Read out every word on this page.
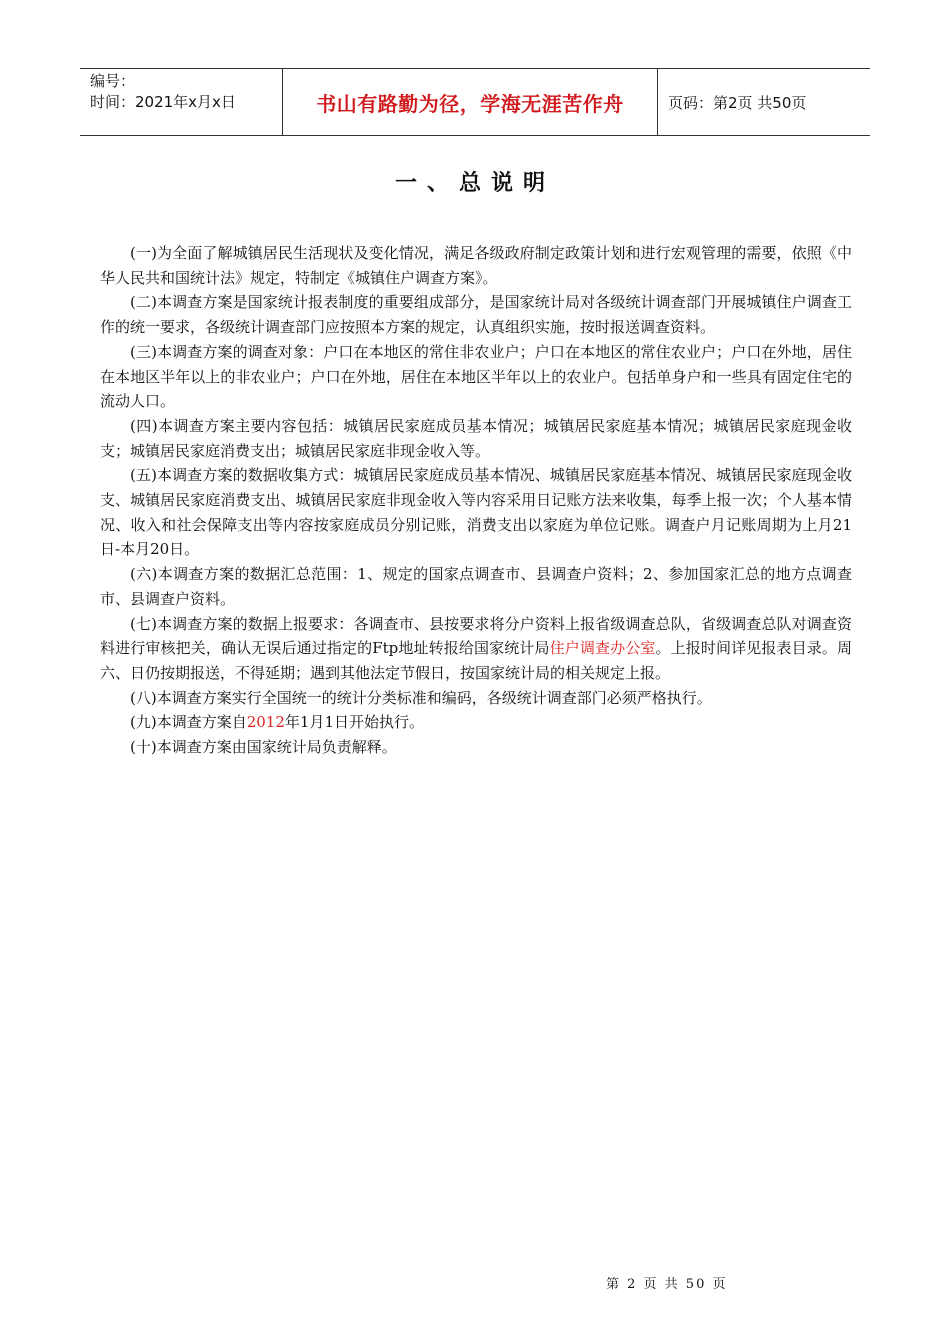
编号：
时间：2021年x月x日	书山有路勤为径，学海无涯苦作舟	页码：第2页 共50页
一、总说明

(一)为全面了解城镇居民生活现状及变化情况，满足各级政府制定政策计划和进行宏观管理的需要，依照《中华人民共和国统计法》规定，特制定《城镇住户调查方案》。

(二)本调查方案是国家统计报表制度的重要组成部分，是国家统计局对各级统计调查部门开展城镇住户调查工作的统一要求，各级统计调查部门应按照本方案的规定，认真组织实施，按时报送调查资料。

(三)本调查方案的调查对象：户口在本地区的常住非农业户；户口在本地区的常住农业户；户口在外地，居住在本地区半年以上的非农业户；户口在外地，居住在本地区半年以上的农业户。包括单身户和一些具有固定住宅的流动人口。

(四)本调查方案主要内容包括：城镇居民家庭成员基本情况；城镇居民家庭基本情况；城镇居民家庭现金收支；城镇居民家庭消费支出；城镇居民家庭非现金收入等。

(五)本调查方案的数据收集方式：城镇居民家庭成员基本情况、城镇居民家庭基本情况、城镇居民家庭现金收支、城镇居民家庭消费支出、城镇居民家庭非现金收入等内容采用日记账方法来收集，每季上报一次；个人基本情况、收入和社会保障支出等内容按家庭成员分别记账，消费支出以家庭为单位记账。调查户月记账周期为上月21日-本月20日。

(六)本调查方案的数据汇总范围：1、规定的国家点调查市、县调查户资料；2、参加国家汇总的地方点调查市、县调查户资料。

(七)本调查方案的数据上报要求：各调查市、县按要求将分户资料上报省级调查总队，省级调查总队对调查资料进行审核把关，确认无误后通过指定的Ftp地址转报给国家统计局住户调查办公室。上报时间详见报表目录。周六、日仍按期报送，不得延期；遇到其他法定节假日，按国家统计局的相关规定上报。

(八)本调查方案实行全国统一的统计分类标准和编码，各级统计调查部门必须严格执行。

(九)本调查方案自2012年1月1日开始执行。

(十)本调查方案由国家统计局负责解释。

第 2 页 共 50 页
